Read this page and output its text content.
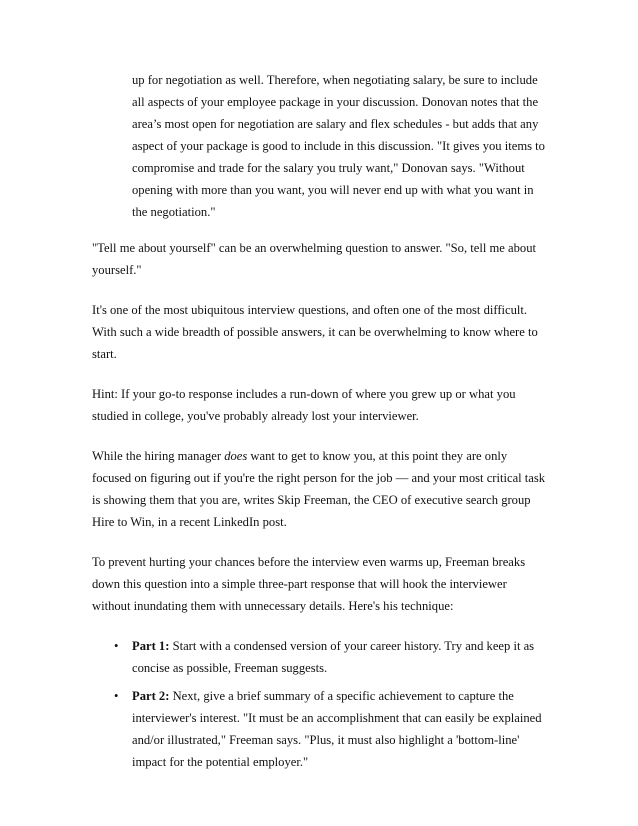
up for negotiation as well. Therefore, when negotiating salary, be sure to include
all aspects of your employee package in your discussion. Donovan notes that the
area’s most open for negotiation are salary and flex schedules - but adds that any
aspect of your package is good to include in this discussion. "It gives you items to
compromise and trade for the salary you truly want," Donovan says. "Without
opening with more than you want, you will never end up with what you want in
the negotiation."
"Tell me about yourself" can be an overwhelming question to answer. "So, tell me about
yourself."
It's one of the most ubiquitous interview questions, and often one of the most difficult.
With such a wide breadth of possible answers, it can be overwhelming to know where to
start.
Hint: If your go-to response includes a run-down of where you grew up or what you
studied in college, you've probably already lost your interviewer.
While the hiring manager does want to get to know you, at this point they are only
focused on figuring out if you're the right person for the job — and your most critical task
is showing them that you are, writes Skip Freeman, the CEO of executive search group
Hire to Win, in a recent LinkedIn post.
To prevent hurting your chances before the interview even warms up, Freeman breaks
down this question into a simple three-part response that will hook the interviewer
without inundating them with unnecessary details. Here's his technique:
• Part 1: Start with a condensed version of your career history. Try and keep it as
concise as possible, Freeman suggests.
• Part 2: Next, give a brief summary of a specific achievement to capture the
interviewer's interest. "It must be an accomplishment that can easily be explained
and/or illustrated," Freeman says. "Plus, it must also highlight a 'bottom-line'
impact for the potential employer."
